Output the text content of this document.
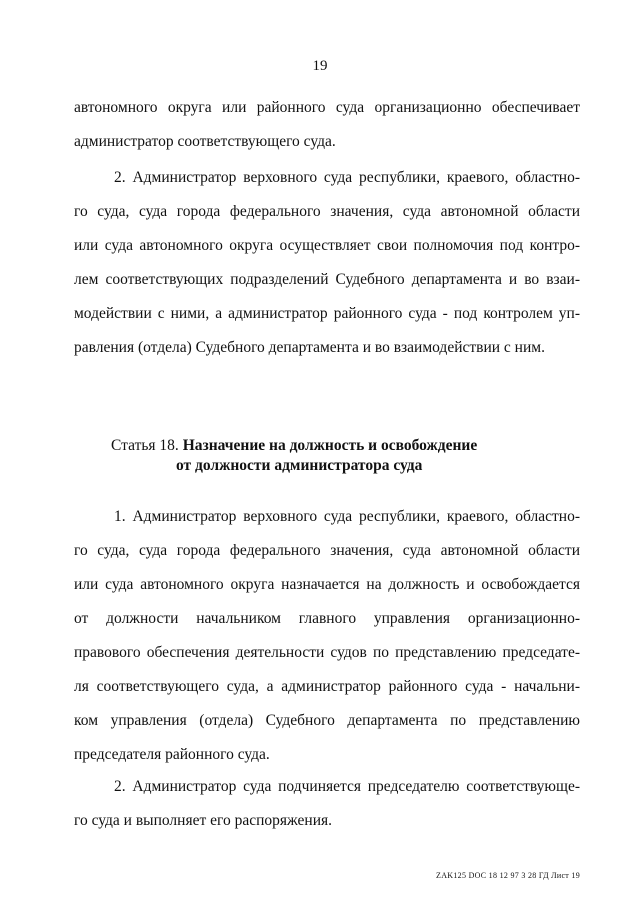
19
автономного округа или районного суда организационно обеспечивает
администратор соответствующего суда.
2. Администратор верховного суда республики, краевого, областно-
го суда, суда города федерального значения, суда автономной области
или суда автономного округа осуществляет свои полномочия под контро-
лем соответствующих подразделений Судебного департамента и во взаи-
модействии с ними, а администратор районного суда - под контролем уп-
равления (отдела) Судебного департамента и во взаимодействии с ним.
Статья 18. Назначение на должность и освобождение
от должности администратора суда
1. Администратор верховного суда республики, краевого, областно-
го суда, суда города федерального значения, суда автономной области
или суда автономного округа назначается на должность и освобождается
от должности начальником главного управления организационно-
правового обеспечения деятельности судов по представлению председате-
ля соответствующего суда, а администратор районного суда - начальни-
ком управления (отдела) Судебного департамента по представлению
председателя районного суда.
2. Администратор суда подчиняется председателю соответствующе-
го суда и выполняет его распоряжения.
ZAK125 DOC 18 12 97 3 28 ГД Лист 19
